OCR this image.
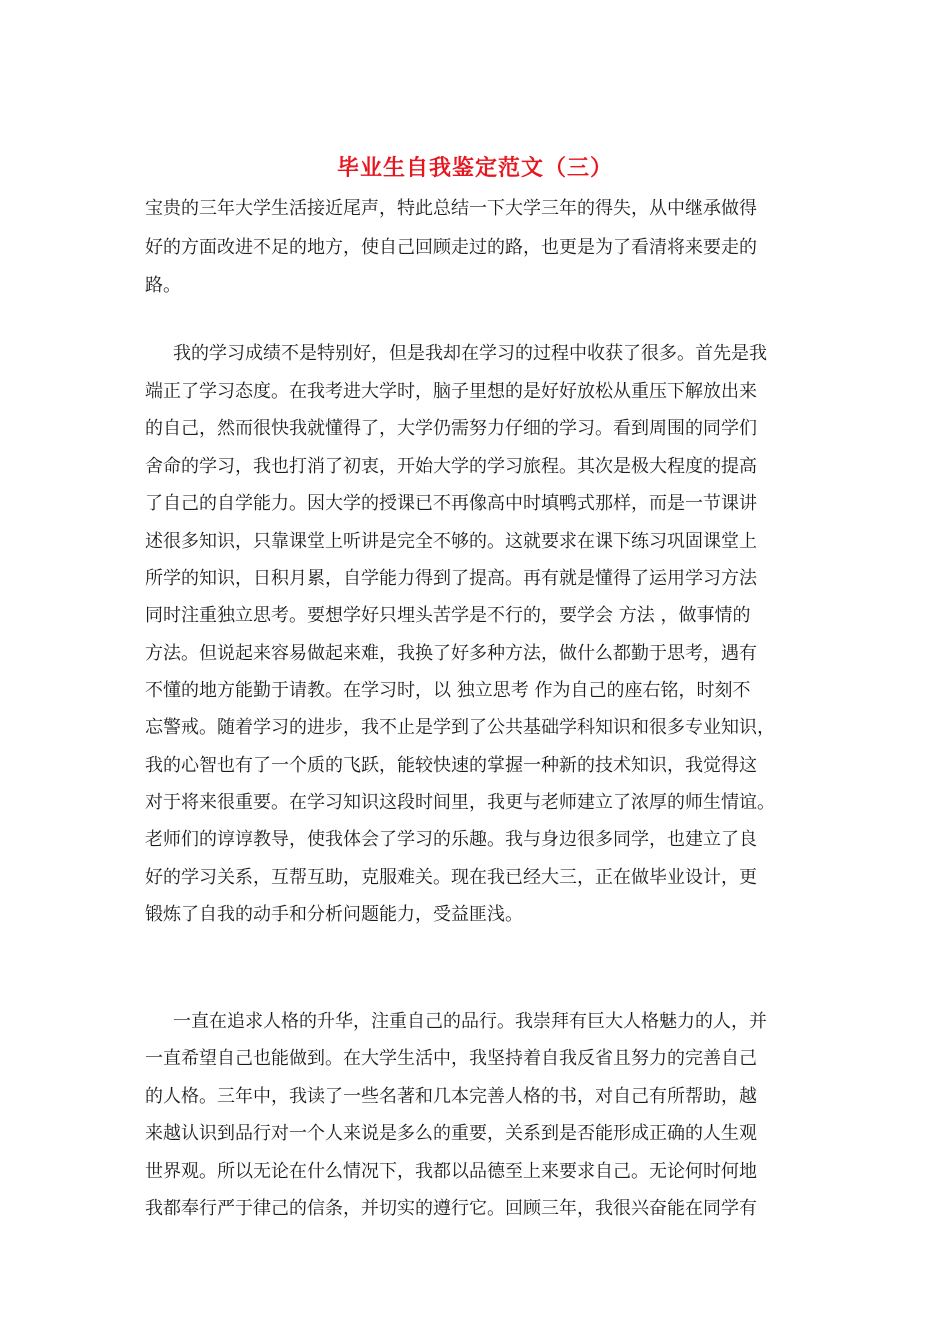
毕业生自我鉴定范文（三）
宝贵的三年大学生活接近尾声，特此总结一下大学三年的得失，从中继承做得
好的方面改进不足的地方，使自己回顾走过的路，也更是为了看清将来要走的
路。
我的学习成绩不是特别好，但是我却在学习的过程中收获了很多。首先是我
端正了学习态度。在我考进大学时，脑子里想的是好好放松从重压下解放出来
的自己，然而很快我就懂得了，大学仍需努力仔细的学习。看到周围的同学们
舍命的学习，我也打消了初衷，开始大学的学习旅程。其次是极大程度的提高
了自己的自学能力。因大学的授课已不再像高中时填鸭式那样，而是一节课讲
述很多知识，只靠课堂上听讲是完全不够的。这就要求在课下练习巩固课堂上
所学的知识，日积月累，自学能力得到了提高。再有就是懂得了运用学习方法
同时注重独立思考。要想学好只埋头苦学是不行的，要学会 方法 ，做事情的
方法。但说起来容易做起来难，我换了好多种方法，做什么都勤于思考，遇有
不懂的地方能勤于请教。在学习时，以 独立思考 作为自己的座右铭，时刻不
忘警戒。随着学习的进步，我不止是学到了公共基础学科知识和很多专业知识，
我的心智也有了一个质的飞跃，能较快速的掌握一种新的技术知识，我觉得这
对于将来很重要。在学习知识这段时间里，我更与老师建立了浓厚的师生情谊。
老师们的谆谆教导，使我体会了学习的乐趣。我与身边很多同学，也建立了良
好的学习关系，互帮互助，克服难关。现在我已经大三，正在做毕业设计，更
锻炼了自我的动手和分析问题能力，受益匪浅。
一直在追求人格的升华，注重自己的品行。我崇拜有巨大人格魅力的人，并
一直希望自己也能做到。在大学生活中，我坚持着自我反省且努力的完善自己
的人格。三年中，我读了一些名著和几本完善人格的书，对自己有所帮助，越
来越认识到品行对一个人来说是多么的重要，关系到是否能形成正确的人生观
世界观。所以无论在什么情况下，我都以品德至上来要求自己。无论何时何地
我都奉行严于律己的信条，并切实的遵行它。回顾三年，我很兴奋能在同学有
